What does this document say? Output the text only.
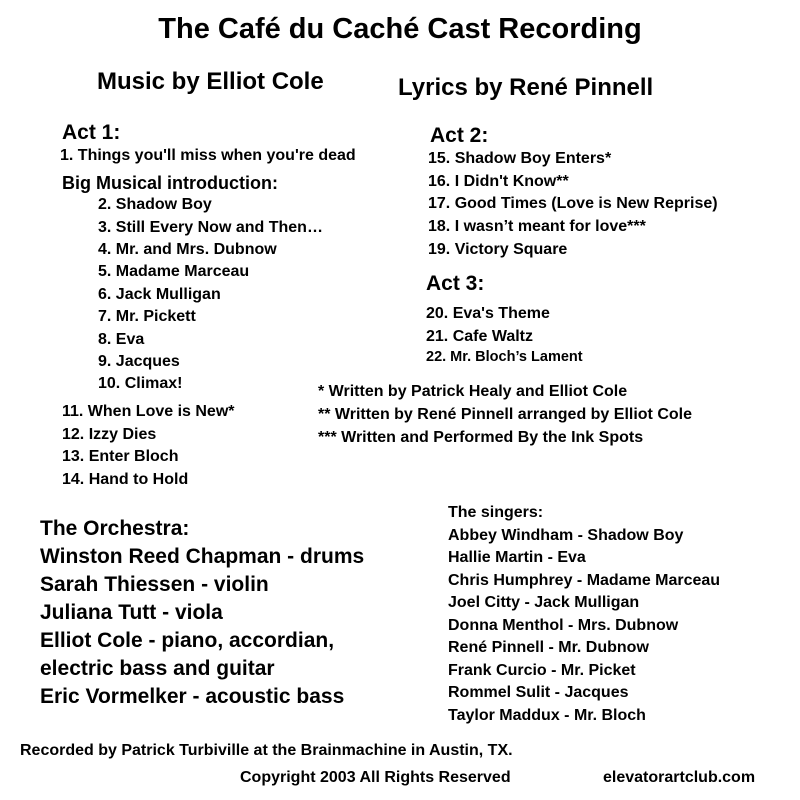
The Café du Caché Cast Recording
Music by Elliot Cole	Lyrics by René Pinnell
Act 1:
1. Things you'll miss when you're dead
Big Musical introduction:
2. Shadow Boy
3. Still Every Now and Then…
4. Mr. and Mrs. Dubnow
5. Madame Marceau
6. Jack Mulligan
7. Mr. Pickett
8. Eva
9. Jacques
10. Climax!
11. When Love is New*
12. Izzy Dies
13. Enter Bloch
14. Hand to Hold
Act 2:
15. Shadow Boy Enters*
16. I Didn't Know**
17. Good Times (Love is New Reprise)
18. I wasn’t meant for love***
19. Victory Square
Act 3:
20. Eva's Theme
21. Cafe Waltz
22. Mr. Bloch’s Lament
* Written by Patrick Healy and Elliot Cole
** Written by René Pinnell arranged by Elliot Cole
*** Written and Performed By the Ink Spots
The Orchestra:
Winston Reed Chapman - drums
Sarah Thiessen - violin
Juliana Tutt - viola
Elliot Cole - piano, accordian,
electric bass and guitar
Eric Vormelker - acoustic bass
The singers:
Abbey Windham - Shadow Boy
Hallie Martin - Eva
Chris Humphrey - Madame Marceau
Joel Citty - Jack Mulligan
Donna Menthol - Mrs. Dubnow
René Pinnell - Mr. Dubnow
Frank Curcio - Mr. Picket
Rommel Sulit - Jacques
Taylor Maddux - Mr. Bloch
Recorded by Patrick Turbiville at the Brainmachine in Austin, TX.
Copyright 2003 All Rights Reserved	elevatorartclub.com
